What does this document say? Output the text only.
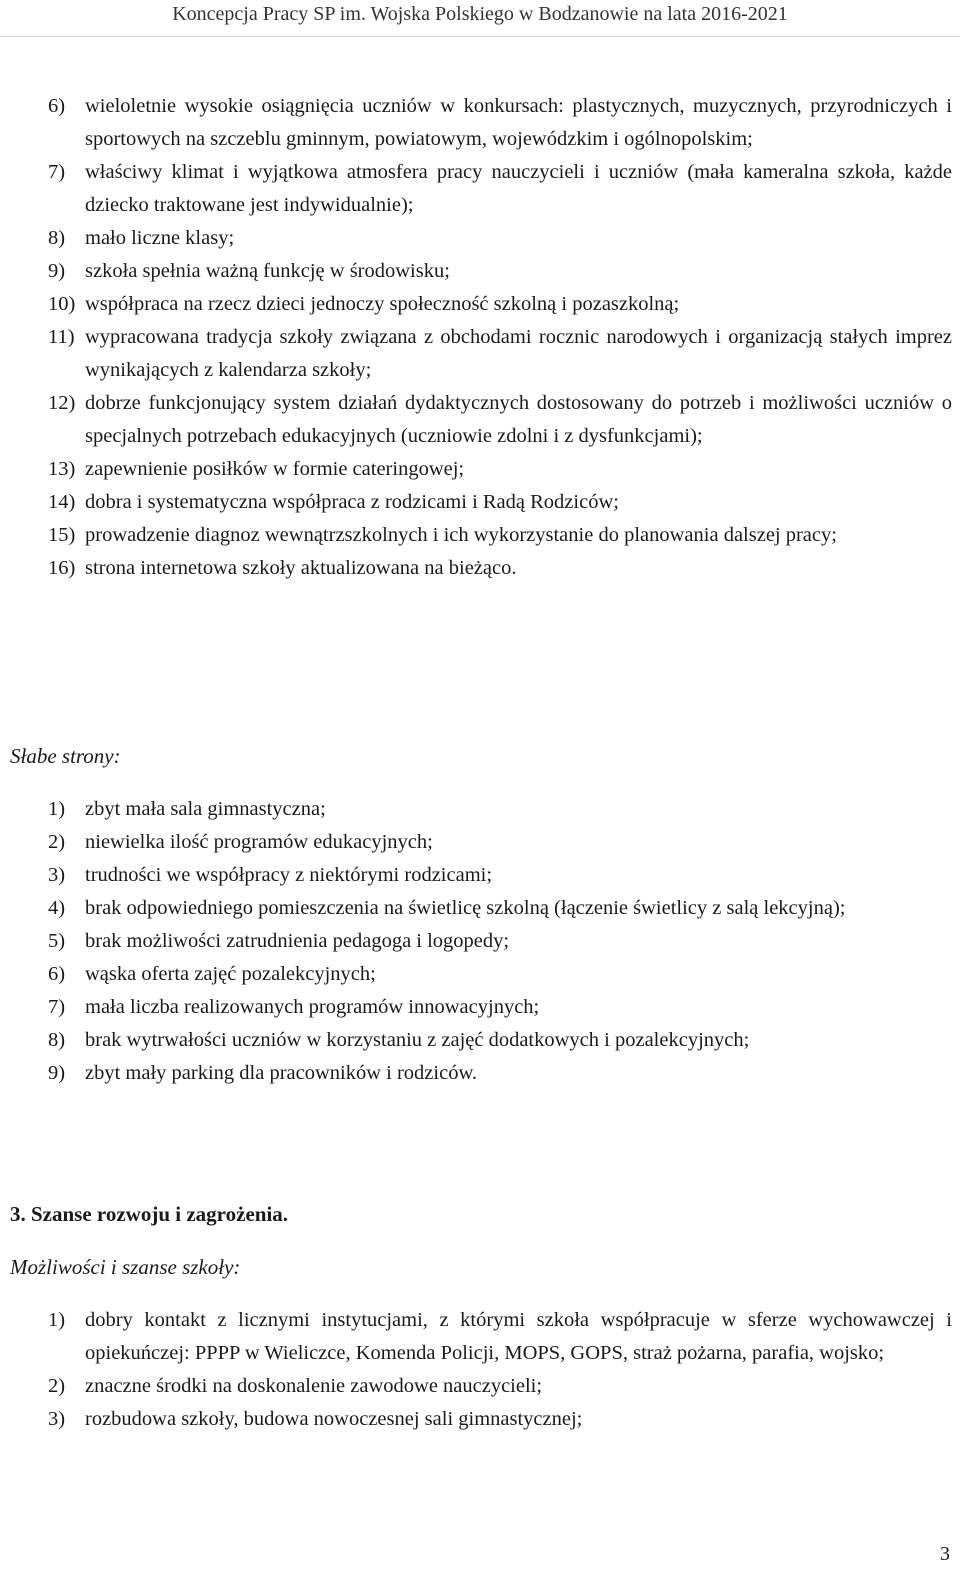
Koncepcja Pracy SP im. Wojska Polskiego w Bodzanowie na lata 2016-2021
6) wieloletnie wysokie osiągnięcia uczniów w konkursach: plastycznych, muzycznych, przyrodniczych i sportowych na szczeblu gminnym, powiatowym, wojewódzkim i ogólnopolskim;
7) właściwy klimat i wyjątkowa atmosfera pracy nauczycieli i uczniów (mała kameralna szkoła, każde dziecko traktowane jest indywidualnie);
8) mało liczne klasy;
9) szkoła spełnia ważną funkcję w środowisku;
10) współpraca na rzecz dzieci jednoczy społeczność szkolną i pozaszkolną;
11) wypracowana tradycja szkoły związana z obchodami rocznic narodowych i organizacją stałych imprez wynikających z kalendarza szkoły;
12) dobrze funkcjonujący system działań dydaktycznych dostosowany do potrzeb i możliwości uczniów o specjalnych potrzebach edukacyjnych (uczniowie zdolni i z dysfunkcjami);
13) zapewnienie posiłków w formie cateringowej;
14) dobra i systematyczna współpraca z rodzicami i Radą Rodziców;
15) prowadzenie diagnoz wewnątrzszkolnych i ich wykorzystanie do planowania dalszej pracy;
16) strona internetowa szkoły aktualizowana na bieżąco.
Słabe strony:
1) zbyt mała sala gimnastyczna;
2) niewielka ilość programów edukacyjnych;
3) trudności we współpracy z niektórymi rodzicami;
4) brak odpowiedniego pomieszczenia na świetlicę szkolną (łączenie świetlicy z salą lekcyjną);
5) brak możliwości zatrudnienia pedagoga i logopedy;
6) wąska oferta zajęć pozalekcyjnych;
7) mała liczba realizowanych programów innowacyjnych;
8) brak wytrwałości uczniów w korzystaniu z zajęć dodatkowych i pozalekcyjnych;
9) zbyt mały parking dla pracowników i rodziców.
3. Szanse rozwoju i zagrożenia.
Możliwości i szanse szkoły:
1) dobry kontakt z licznymi instytucjami, z którymi szkoła współpracuje w sferze wychowawczej i opiekuńczej: PPPP w Wieliczce, Komenda Policji, MOPS, GOPS, straż pożarna, parafia, wojsko;
2) znaczne środki na doskonalenie zawodowe nauczycieli;
3) rozbudowa szkoły, budowa nowoczesnej sali gimnastycznej;
3
